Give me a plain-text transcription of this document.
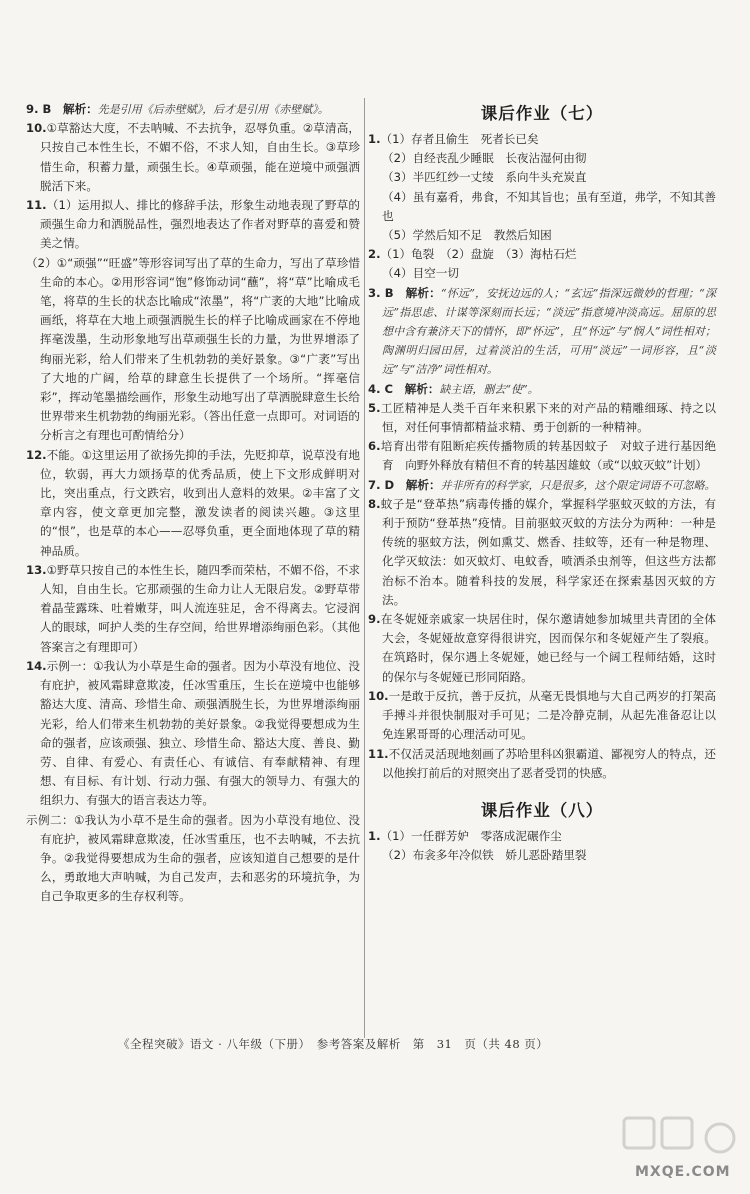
9. B　 解析：先是引用《后赤壁赋》，后才是引用《赤壁赋》。

10.①草豁达大度，不去呐喊、不去抗争，忍辱负重。②草清高，只按自己本性生长，不媚不俗，不求人知，自由生长。③草珍惜生命，积蓄力量，顽强生长。④草顽强，能在逆境中顽强洒脱活下来。

11.（1）运用拟人、排比的修辞手法，形象生动地表现了野草的顽强生命力和洒脱品性，强烈地表达了作者对野草的喜爱和赞美之情。

（2）①“顽强”“旺盛”等形容词写出了草的生命力，写出了草珍惜生命的本心。②用形容词“饱”修饰动词“蘸”，将“草”比喻成毛笔，将草的生长的状态比喻成“浓墨”，将“广袤的大地”比喻成画纸，将草在大地上顽强洒脱生长的样子比喻成画家在不停地挥毫泼墨，生动形象地写出草顽强生长的力量，为世界增添了绚丽光彩，给人们带来了生机勃勃的美好景象。③“广袤”写出了大地的广阔，给草的肆意生长提供了一个场所。“挥毫信彩”，挥动笔墨描绘画作，形象生动地写出了草洒脱肆意生长给世界带来生机勃勃的绚丽光彩。（答出任意一点即可。对词语的分析言之有理也可酌情给分）

12.不能。①这里运用了欲扬先抑的手法，先贬抑草，说草没有地位，软弱，再大力颂扬草的优秀品质，使上下文形成鲜明对比，突出重点，行文跌宕，收到出人意料的效果。②丰富了文章内容，使文章更加完整，激发读者的阅读兴趣。③这里的“恨”，也是草的本心——忍辱负重，更全面地体现了草的精神品质。

13.①野草只按自己的本性生长，随四季而荣枯，不媚不俗，不求人知，自由生长。它那顽强的生命力让人无限启发。②野草带着晶莹露珠、吐着嫩芽，叫人流连驻足，舍不得离去。它浸润人的眼球，呵护人类的生存空间，给世界增添绚丽色彩。（其他答案言之有理即可）

14.示例一：①我认为小草是生命的强者。因为小草没有地位、没有庇护，被风霜肆意欺凌，任冰雪重压，生长在逆境中也能够豁达大度、清高、珍惜生命、顽强洒脱生长，为世界增添绚丽光彩，给人们带来生机勃勃的美好景象。②我觉得要想成为生命的强者，应该顽强、独立、珍惜生命、豁达大度、善良、勤劳、自律、有爱心、有责任心、有诚信、有奉献精神、有理想、有目标、有计划、行动力强、有强大的领导力、有强大的组织力、有强大的语言表达力等。

示例二：①我认为小草不是生命的强者。因为小草没有地位、没有庇护，被风霜肆意欺凌，任冰雪重压，也不去呐喊，不去抗争。②我觉得要想成为生命的强者，应该知道自己想要的是什么，勇敢地大声呐喊，为自己发声，去和恶劣的环境抗争，为自己争取更多的生存权利等。

课后作业（七）

1.（1）存者且偷生　死者长已矣

（2）自经丧乱少睡眠　长夜沾湿何由彻

（3）半匹红纱一丈绫　系向牛头充炭直

（4）虽有嘉肴，弗食，不知其旨也；虽有至道，弗学，不知其善也

（5）学然后知不足　教然后知困

2.（1）龟裂　（2）盘旋　（3）海枯石烂

（4）目空一切

3. B　 解析：“怀远”，安抚边远的人；“玄远”指深远微妙的哲理；“深远”指思虑、计谋等深刻而长远；“淡远”指意境冲淡高远。屈原的思想中含有兼济天下的情怀，即“怀远”，且“怀远”与“悯人”词性相对；陶渊明归园田居，过着淡泊的生活，可用“淡远”一词形容，且“淡远”与“洁净”词性相对。

4. C　 解析：缺主语，删去“使”。

5.工匠精神是人类千百年来积累下来的对产品的精雕细琢、持之以恒，对任何事情都精益求精、勇于创新的一种精神。

6.培育出带有阻断疟疾传播物质的转基因蚊子　对蚊子进行基因绝育　向野外释放有精但不育的转基因雄蚊（或“以蚊灭蚊”计划）

7. D　 解析：并非所有的科学家，只是很多，这个限定词语不可忽略。

8.蚊子是“登革热”病毒传播的媒介，掌握科学驱蚊灭蚊的方法，有利于预防“登革热”疫情。目前驱蚊灭蚊的方法分为两种：一种是传统的驱蚊方法，例如熏艾、燃香、挂蚊等，还有一种是物理、化学灭蚊法：如灭蚊灯、电蚊香，喷洒杀虫剂等，但这些方法都治标不治本。随着科技的发展，科学家还在探索基因灭蚊的方法。

9.在冬妮娅亲戚家一块居住时，保尔邀请她参加城里共青团的全体大会，冬妮娅故意穿得很讲究，因而保尔和冬妮娅产生了裂痕。在筑路时，保尔遇上冬妮娅，她已经与一个阔工程师结婚，这时的保尔与冬妮娅已形同陌路。

10.一是敢于反抗，善于反抗，从毫无畏惧地与大自己两岁的打架高手搏斗并很快制服对手可见；二是冷静克制，从起先准备忍让以免连累哥哥的心理活动可见。

11.不仅活灵活现地刻画了苏哈里科凶狠霸道、鄙视穷人的特点，还以他挨打前后的对照突出了恶者受罚的快感。

课后作业（八）

1.（1）一任群芳妒　零落成泥碾作尘

（2）布衾多年冷似铁　娇儿恶卧踏里裂

《全程突破》语文 · 八年级（下册）　参考答案及解析　第　31　页（共 48 页）
MXQE.COM
